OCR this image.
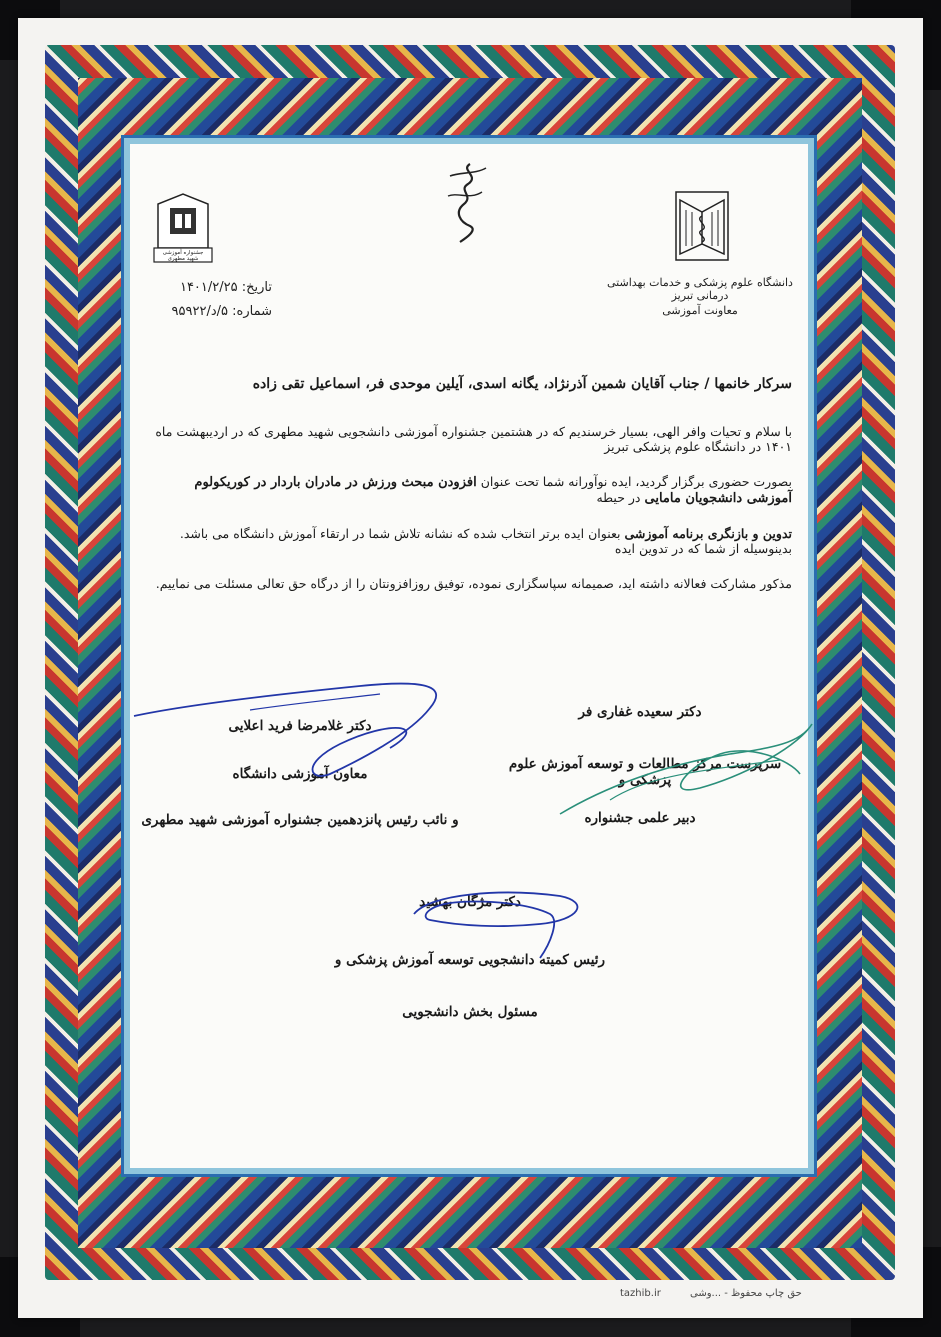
دانشگاه علوم پزشکی و خدمات بهداشتی درمانی تبریز
معاونت آموزشی
جشنواره آموزشی شهید مطهری
تاریخ: ۱۴۰۱/۲/۲۵
شماره: ۵/د/۹۵۹۲۲
سرکار خانمها / جناب آقایان شمین آذرنژاد، یگانه اسدی، آیلین موحدی فر، اسماعیل تقی زاده
با سلام و تحیات وافر الهی، بسیار خرسندیم که در هشتمین جشنواره آموزشی دانشجویی شهید مطهری که در اردیبهشت ماه ۱۴۰۱ در دانشگاه علوم پزشکی تبریز
بصورت حضوری برگزار گردید، ایده نوآورانه شما تحت عنوان افزودن مبحث ورزش در مادران باردار در کوریکولوم آموزشی دانشجویان مامایی در حیطه
تدوین و بازنگری برنامه آموزشی بعنوان ایده برتر انتخاب شده که نشانه تلاش شما در ارتقاء آموزش دانشگاه می باشد. بدینوسیله از شما که در تدوین ایده
مذکور مشارکت فعالانه داشته اید، صمیمانه سپاسگزاری نموده، توفیق روزافزونتان را از درگاه حق تعالی مسئلت می نماییم.
دکتر سعیده غفاری فر
سرپرست مرکز مطالعات و توسعه آموزش علوم پزشکی و
دبیر علمی جشنواره
دکتر غلامرضا فرید اعلایی
معاون آموزشی دانشگاه
و نائب رئیس پانزدهمین جشنواره آموزشی شهید مطهری
دکتر مژگان بهشید
رئیس کمیته دانشجویی توسعه آموزش پزشکی و
مسئول بخش دانشجویی
tazhib.ir	حق چاپ محفوظ - ...وشی
